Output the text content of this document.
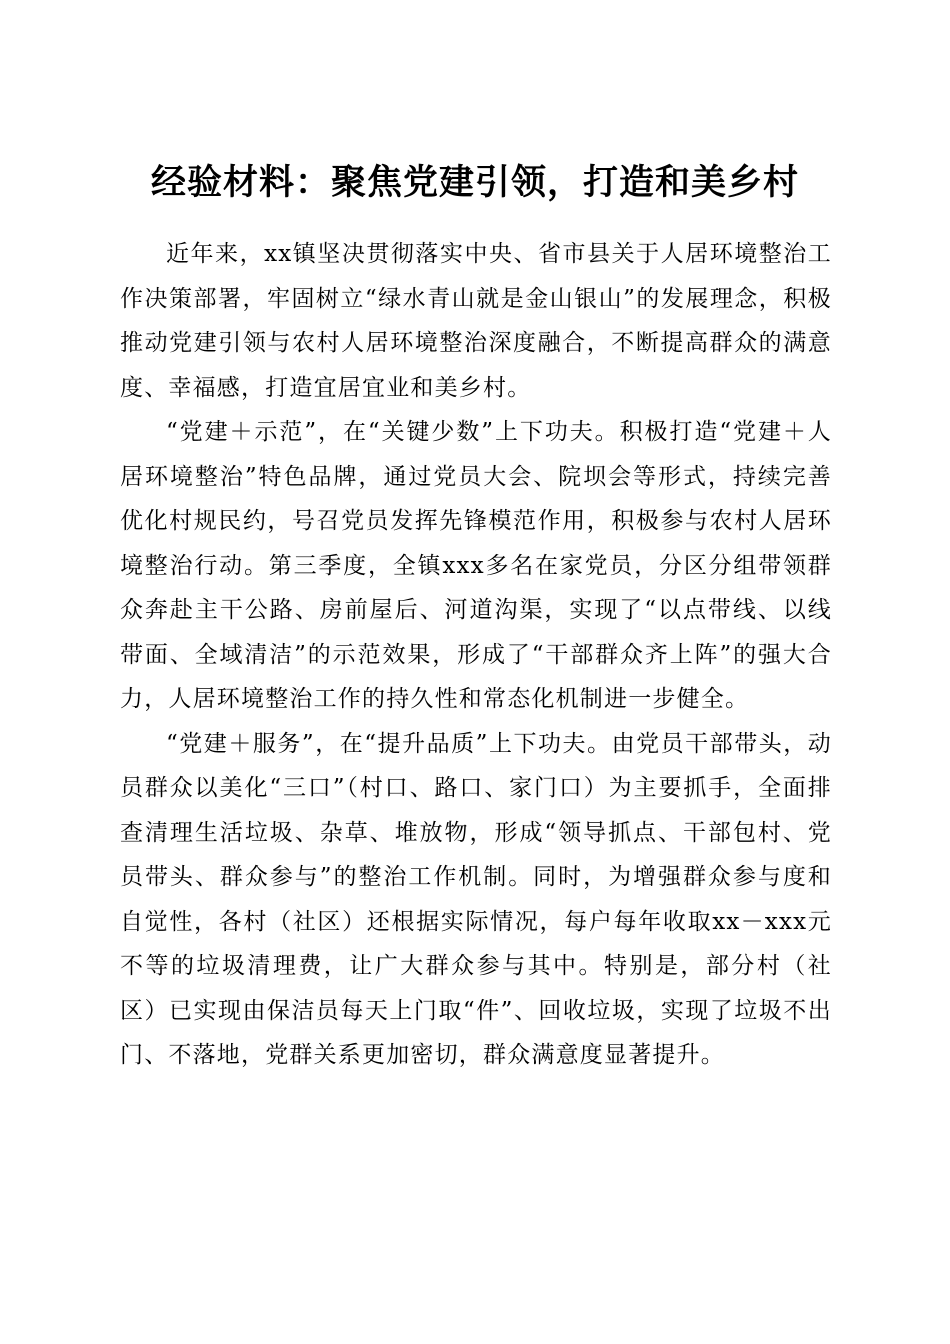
经验材料：聚焦党建引领，打造和美乡村

近年来，xx镇坚决贯彻落实中央、省市县关于人居环境整治工作决策部署，牢固树立“绿水青山就是金山银山”的发展理念，积极推动党建引领与农村人居环境整治深度融合，不断提高群众的满意度、幸福感，打造宜居宜业和美乡村。

“党建＋示范”，在“关键少数”上下功夫。积极打造“党建＋人居环境整治”特色品牌，通过党员大会、院坝会等形式，持续完善优化村规民约，号召党员发挥先锋模范作用，积极参与农村人居环境整治行动。第三季度，全镇xxx多名在家党员，分区分组带领群众奔赴主干公路、房前屋后、河道沟渠，实现了“以点带线、以线带面、全域清洁”的示范效果，形成了“干部群众齐上阵”的强大合力，人居环境整治工作的持久性和常态化机制进一步健全。

“党建＋服务”，在“提升品质”上下功夫。由党员干部带头，动员群众以美化“三口”（村口、路口、家门口）为主要抓手，全面排查清理生活垃圾、杂草、堆放物，形成“领导抓点、干部包村、党员带头、群众参与”的整治工作机制。同时，为增强群众参与度和自觉性，各村（社区）还根据实际情况，每户每年收取xx－xxx元不等的垃圾清理费，让广大群众参与其中。特别是，部分村（社区）已实现由保洁员每天上门取“件”、回收垃圾，实现了垃圾不出门、不落地，党群关系更加密切，群众满意度显著提升。
